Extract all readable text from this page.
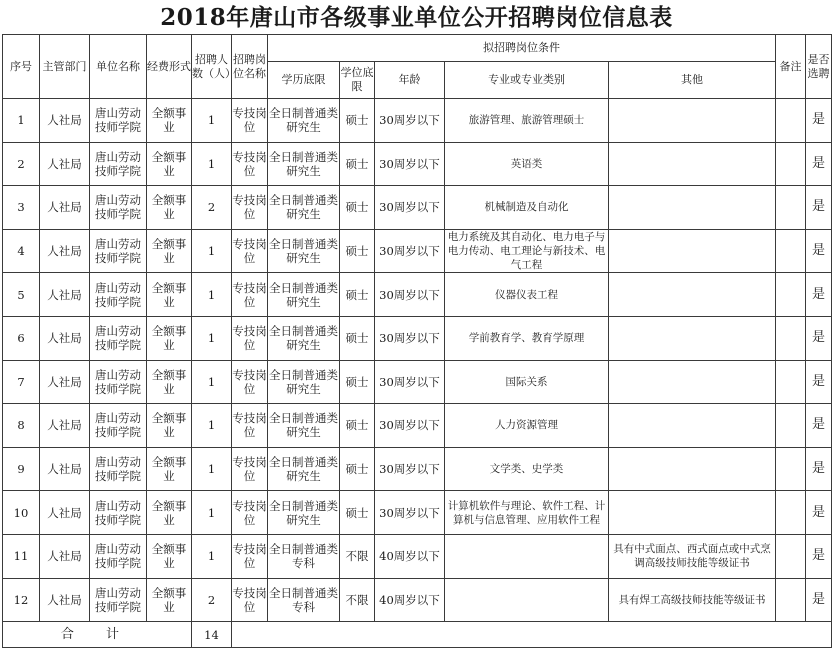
2018年唐山市各级事业单位公开招聘岗位信息表
序号	主管部门	单位名称	经费形式	招聘人数（人）	招聘岗位名称	拟招聘岗位条件					备注	是否选聘
						学历底限	学位底限	年龄	专业或专业类别	其他		
1	人社局	唐山劳动技师学院	全额事业	1	专技岗位	全日制普通类研究生	硕士	30周岁以下	旅游管理、旅游管理硕士			是
2	人社局	唐山劳动技师学院	全额事业	1	专技岗位	全日制普通类研究生	硕士	30周岁以下	英语类			是
3	人社局	唐山劳动技师学院	全额事业	2	专技岗位	全日制普通类研究生	硕士	30周岁以下	机械制造及自动化			是
4	人社局	唐山劳动技师学院	全额事业	1	专技岗位	全日制普通类研究生	硕士	30周岁以下	电力系统及其自动化、电力电子与电力传动、电工理论与新技术、电气工程			是
5	人社局	唐山劳动技师学院	全额事业	1	专技岗位	全日制普通类研究生	硕士	30周岁以下	仪器仪表工程			是
6	人社局	唐山劳动技师学院	全额事业	1	专技岗位	全日制普通类研究生	硕士	30周岁以下	学前教育学、教育学原理			是
7	人社局	唐山劳动技师学院	全额事业	1	专技岗位	全日制普通类研究生	硕士	30周岁以下	国际关系			是
8	人社局	唐山劳动技师学院	全额事业	1	专技岗位	全日制普通类研究生	硕士	30周岁以下	人力资源管理			是
9	人社局	唐山劳动技师学院	全额事业	1	专技岗位	全日制普通类研究生	硕士	30周岁以下	文学类、史学类			是
10	人社局	唐山劳动技师学院	全额事业	1	专技岗位	全日制普通类研究生	硕士	30周岁以下	计算机软件与理论、软件工程、计算机与信息管理、应用软件工程			是
11	人社局	唐山劳动技师学院	全额事业	1	专技岗位	全日制普通类专科	不限	40周岁以下		具有中式面点、西式面点或中式烹调高级技师技能等级证书		是
12	人社局	唐山劳动技师学院	全额事业	2	专技岗位	全日制普通类专科	不限	40周岁以下		具有焊工高级技师技能等级证书		是
合 计				14								
